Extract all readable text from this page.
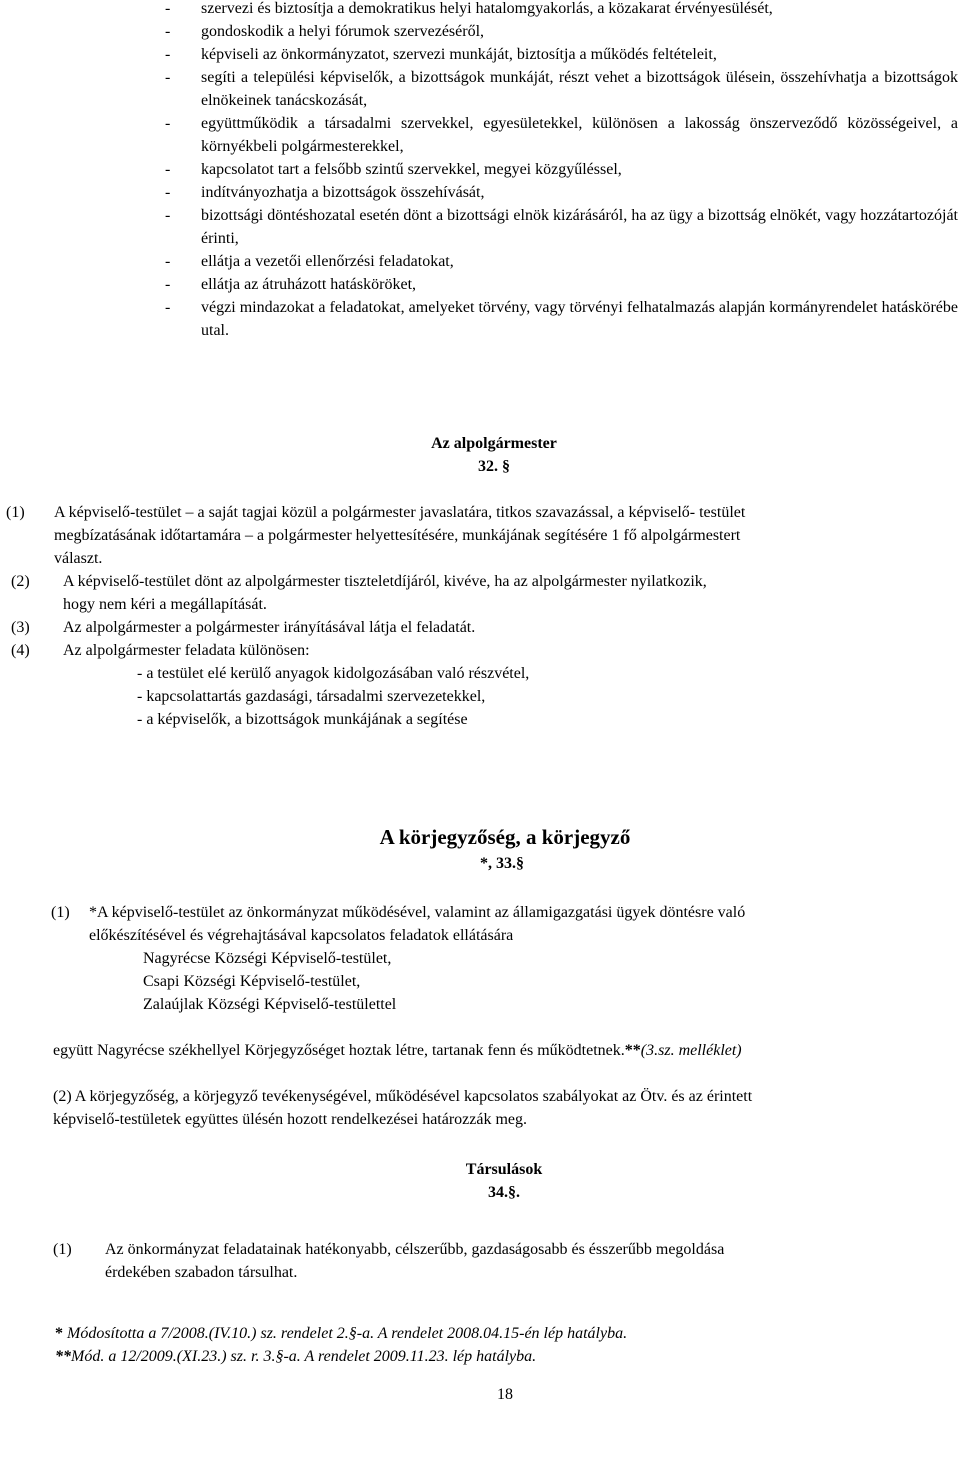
- szervezi és biztosítja a demokratikus helyi hatalomgyakorlás, a közakarat érvényesülését,
- gondoskodik a helyi fórumok szervezéséről,
- képviseli az önkormányzatot, szervezi munkáját, biztosítja a működés feltételeit,
- segíti a települési képviselők, a bizottságok munkáját, részt vehet a bizottságok ülésein, összehívhatja a bizottságok elnökeinek tanácskozását,
- együttműködik a társadalmi szervekkel, egyesületekkel, különösen a lakosság önszerveződő közösségeivel, a környékbeli polgármesterekkel,
- kapcsolatot tart a felsőbb szintű szervekkel, megyei közgyűléssel,
- indítványozhatja a bizottságok összehívását,
- bizottsági döntéshozatal esetén dönt a bizottsági elnök kizárásáról, ha az ügy a bizottság elnökét, vagy hozzátartozóját érinti,
- ellátja a vezetői ellenőrzési feladatokat,
- ellátja az átruházott hatásköröket,
- végzi mindazokat a feladatokat, amelyeket törvény, vagy törvényi felhatalmazás alapján kormányrendelet hatáskörébe utal.
Az alpolgármester
32. §
(1) A képviselő-testület – a saját tagjai közül a polgármester javaslatára, titkos szavazással, a képviselő- testület
megbízatásának időtartamára – a polgármester helyettesítésére, munkájának segítésére 1 fő alpolgármestert
választ.
(2) A képviselő-testület dönt az alpolgármester tiszteletdíjáról, kivéve, ha az alpolgármester nyilatkozik,
hogy nem kéri a megállapítását.
(3) Az alpolgármester a polgármester irányításával látja el feladatát.
(4) Az alpolgármester feladata különösen:
- a testület elé kerülő anyagok kidolgozásában való részvétel,
- kapcsolattartás gazdasági, társadalmi szervezetekkel,
- a képviselők, a bizottságok munkájának a segítése
A körjegyzőség, a körjegyző
*, 33.§
(1) *A képviselő-testület az önkormányzat működésével, valamint az államigazgatási ügyek döntésre való
előkészítésével és végrehajtásával kapcsolatos feladatok ellátására
Nagyrécse Községi Képviselő-testület,
Csapi Községi Képviselő-testület,
Zalaújlak Községi Képviselő-testülettel
együtt Nagyrécse székhellyel Körjegyzőséget hoztak létre, tartanak fenn és működtetnek.**(3.sz. melléklet)
(2) A körjegyzőség, a körjegyző tevékenységével, működésével kapcsolatos szabályokat az Ötv. és az érintett
képviselő-testületek együttes ülésén hozott rendelkezései határozzák meg.
Társulások
34.§.
(1) Az önkormányzat feladatainak hatékonyabb, célszerűbb, gazdaságosabb és ésszerűbb megoldása
érdekében szabadon társulhat.
* Módosította a 7/2008.(IV.10.) sz. rendelet 2.§-a. A rendelet 2008.04.15-én lép hatályba.
**Mód. a 12/2009.(XI.23.) sz. r. 3.§-a. A rendelet 2009.11.23. lép hatályba.
18
